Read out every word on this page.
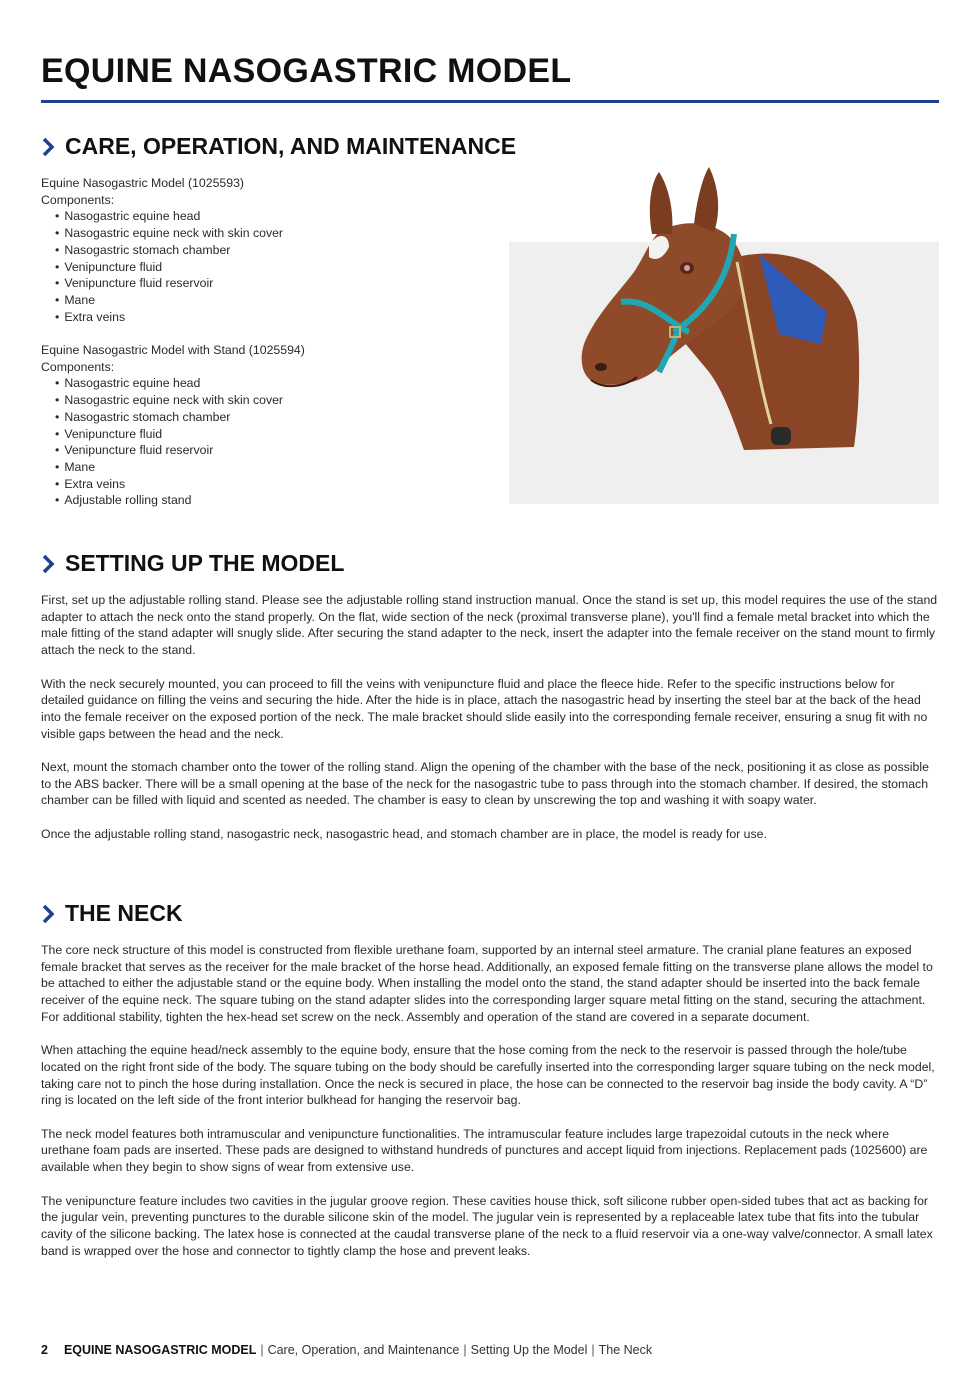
EQUINE NASOGASTRIC MODEL
CARE, OPERATION, AND MAINTENANCE
Equine Nasogastric Model (1025593)
Components:
• Nasogastric equine head
• Nasogastric equine neck with skin cover
• Nasogastric stomach chamber
• Venipuncture fluid
• Venipuncture fluid reservoir
• Mane
• Extra veins
Equine Nasogastric Model with Stand (1025594)
Components:
• Nasogastric equine head
• Nasogastric equine neck with skin cover
• Nasogastric stomach chamber
• Venipuncture fluid
• Venipuncture fluid reservoir
• Mane
• Extra veins
• Adjustable rolling stand
SETTING UP THE MODEL

First, set up the adjustable rolling stand. Please see the adjustable rolling stand instruction manual. Once the stand is set up, this model requires the use of the stand adapter to attach the neck onto the stand properly. On the flat, wide section of the neck (proximal transverse plane), you'll find a female metal bracket into which the male fitting of the stand adapter will snugly slide. After securing the stand adapter to the neck, insert the adapter into the female receiver on the stand mount to firmly attach the neck to the stand.

With the neck securely mounted, you can proceed to fill the veins with venipuncture fluid and place the fleece hide. Refer to the specific instructions below for detailed guidance on filling the veins and securing the hide. After the hide is in place, attach the nasogastric head by inserting the steel bar at the back of the head into the female receiver on the exposed portion of the neck. The male bracket should slide easily into the corresponding female receiver, ensuring a snug fit with no visible gaps between the head and the neck.

Next, mount the stomach chamber onto the tower of the rolling stand. Align the opening of the chamber with the base of the neck, positioning it as close as possible to the ABS backer. There will be a small opening at the base of the neck for the nasogastric tube to pass through into the stomach chamber. If desired, the stomach chamber can be filled with liquid and scented as needed. The chamber is easy to clean by unscrewing the top and washing it with soapy water.

Once the adjustable rolling stand, nasogastric neck, nasogastric head, and stomach chamber are in place, the model is ready for use.

THE NECK

The core neck structure of this model is constructed from flexible urethane foam, supported by an internal steel armature. The cranial plane features an exposed female bracket that serves as the receiver for the male bracket of the horse head. Additionally, an exposed female fitting on the transverse plane allows the model to be attached to either the adjustable stand or the equine body. When installing the model onto the stand, the stand adapter should be inserted into the back female receiver of the equine neck. The square tubing on the stand adapter slides into the corresponding larger square metal fitting on the stand, securing the attachment. For additional stability, tighten the hex-head set screw on the neck. Assembly and operation of the stand are covered in a separate document.

When attaching the equine head/neck assembly to the equine body, ensure that the hose coming from the neck to the reservoir is passed through the hole/tube located on the right front side of the body. The square tubing on the body should be carefully inserted into the corresponding larger square tubing on the neck model, taking care not to pinch the hose during installation. Once the neck is secured in place, the hose can be connected to the reservoir bag inside the body cavity. A “D” ring is located on the left side of the front interior bulkhead for hanging the reservoir bag.

The neck model features both intramuscular and venipuncture functionalities. The intramuscular feature includes large trapezoidal cutouts in the neck where urethane foam pads are inserted. These pads are designed to withstand hundreds of punctures and accept liquid from injections. Replacement pads (1025600) are available when they begin to show signs of wear from extensive use.

The venipuncture feature includes two cavities in the jugular groove region. These cavities house thick, soft silicone rubber open-sided tubes that act as backing for the jugular vein, preventing punctures to the durable silicone skin of the model. The jugular vein is represented by a replaceable latex tube that fits into the tubular cavity of the silicone backing. The latex hose is connected at the caudal transverse plane of the neck to a fluid reservoir via a one-way valve/connector. A small latex band is wrapped over the hose and connector to tightly clamp the hose and prevent leaks.

2 EQUINE NASOGASTRIC MODEL | Care, Operation, and Maintenance | Setting Up the Model | The Neck
